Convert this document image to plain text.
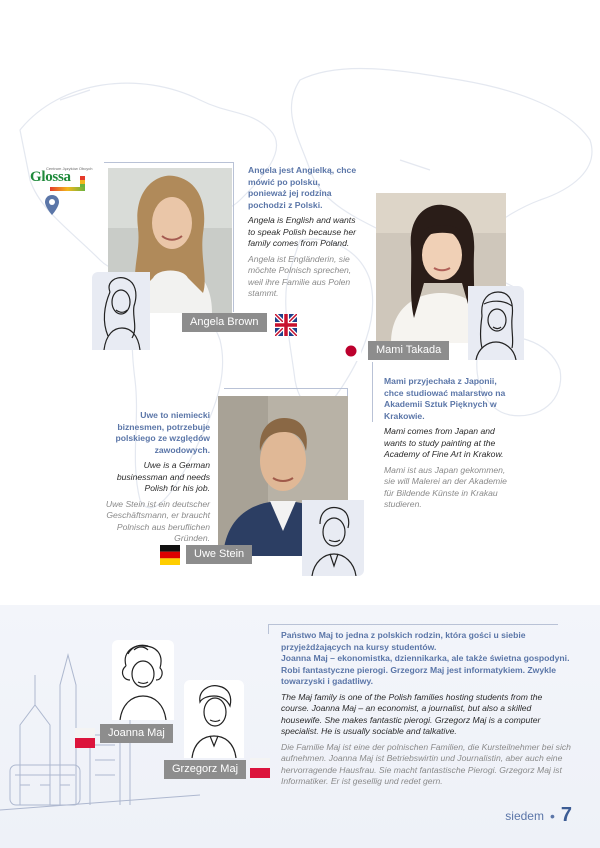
Centrum Języków Obcych
Glossa
Angela Brown

Angela jest Angielką, chce mówić po polsku, ponieważ jej rodzina pochodzi z Polski.

Angela is English and wants to speak Polish because her family comes from Poland.

Angela ist Engländerin, sie möchte Polnisch sprechen, weil ihre Familie aus Polen stammt.

Mami Takada

Mami przyjechała z Japonii, chce studiować malarstwo na Akademii Sztuk Pięknych w Krakowie.

Mami comes from Japan and wants to study painting at the Academy of Fine Art in Krakow.

Mami ist aus Japan gekommen, sie will Malerei an der Akademie für Bildende Künste in Krakau studieren.

Uwe Stein

Uwe to niemiecki biznesmen, potrzebuje polskiego ze względów zawodowych.

Uwe is a German businessman and needs Polish for his job.

Uwe Stein ist ein deutscher Geschäftsmann, er braucht Polnisch aus beruflichen Gründen.

Joanna Maj
Grzegorz Maj

Państwo Maj to jedna z polskich rodzin, która gości u siebie przyjeżdżających na kursy studentów.

Joanna Maj – ekonomistka, dziennikarka, ale także świetna gospodyni. Robi fantastyczne pierogi. Grzegorz Maj jest informatykiem. Zwykle towarzyski i gadatliwy.

The Maj family is one of the Polish families hosting students from the course. Joanna Maj – an economist, a journalist, but also a skilled housewife. She makes fantastic pierogi. Grzegorz Maj is a computer specialist. He is usually sociable and talkative.

Die Familie Maj ist eine der polnischen Familien, die Kursteilnehmer bei sich aufnehmen. Joanna Maj ist Betriebswirtin und Journalistin, aber auch eine hervorragende Hausfrau. Sie macht fantastische Pierogi. Grzegorz Maj ist Informatiker. Er ist gesellig und redet gern.

siedem • 7
